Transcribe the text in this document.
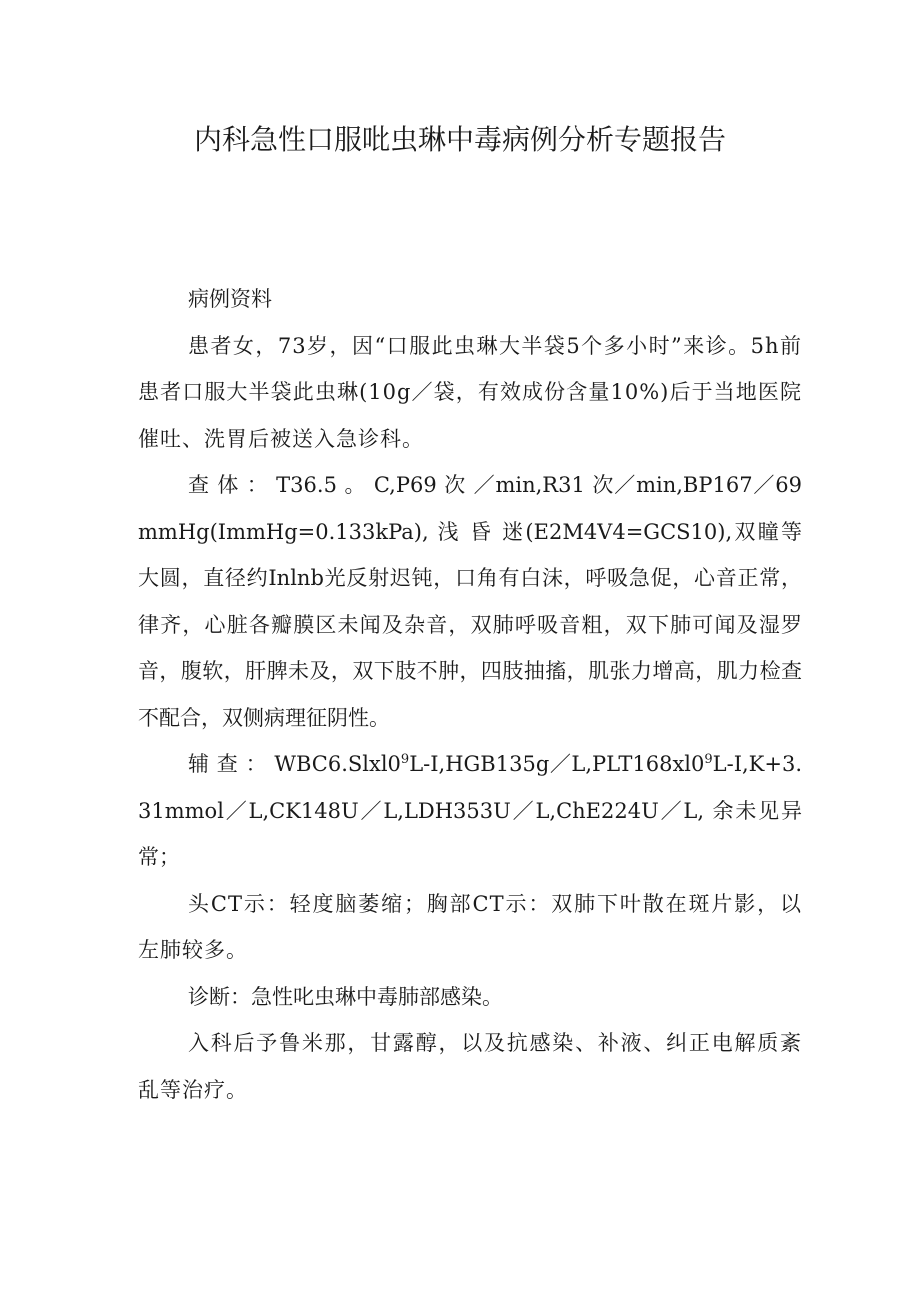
内科急性口服吡虫琳中毒病例分析专题报告

病例资料

患者女，73岁，因“口服此虫琳大半袋5个多小时”来诊。5h前患者口服大半袋此虫琳(10g／袋，有效成份含量10%)后于当地医院催吐、洗胃后被送入急诊科。

查 体 ： T36.5 。 C,P69 次 ／min,R31 次／min,BP167／69mmHg(ImmHg=0.133kPa), 浅 昏 迷(E2M4V4=GCS10),双瞳等大圆，直径约Inlnb光反射迟钝，口角有白沫，呼吸急促，心音正常，律齐，心脏各瓣膜区未闻及杂音，双肺呼吸音粗，双下肺可闻及湿罗音，腹软，肝脾未及，双下肢不肿，四肢抽搐，肌张力增高，肌力检查不配合，双侧病理征阴性。

辅 查 ： $WBC6.Slxl0^9L-I,HGB135g/L,PLT168xl0^9L-I,K+3.31mmol/L,CK148U/L,LDH353U/L,ChE224U/L$, 余未见异常；

头CT示：轻度脑萎缩；胸部CT示：双肺下叶散在斑片影，以左肺较多。

诊断：急性叱虫琳中毒肺部感染。

入科后予鲁米那，甘露醇，以及抗感染、补液、纠正电解质紊乱等治疗。
